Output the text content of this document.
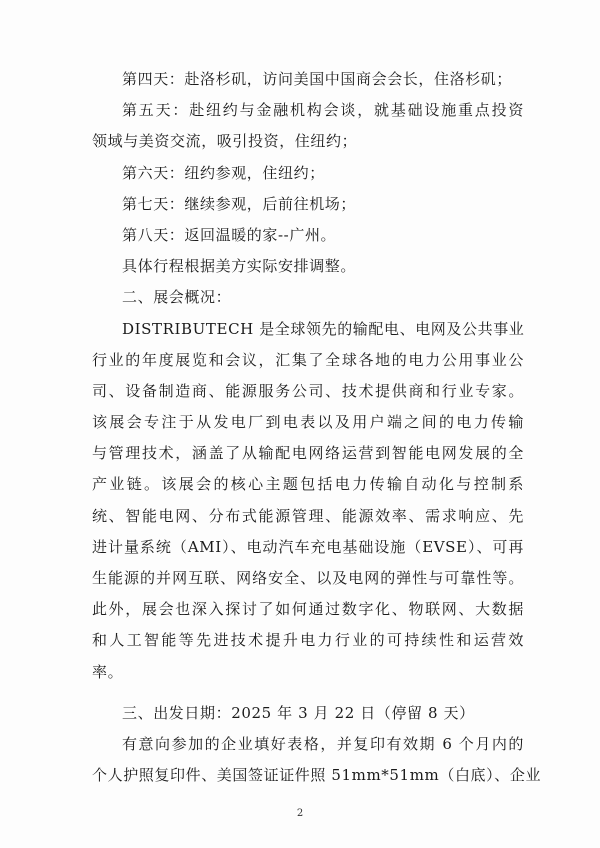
第四天：赴洛杉矶，访问美国中国商会会长，住洛杉矶；
第五天：赴纽约与金融机构会谈，就基础设施重点投资
领域与美资交流，吸引投资，住纽约；
第六天：纽约参观，住纽约；
第七天：继续参观，后前往机场；
第八天：返回温暖的家--广州。
具体行程根据美方实际安排调整。
二、展会概况：
DISTRIBUTECH 是全球领先的输配电、电网及公共事业
行业的年度展览和会议，汇集了全球各地的电力公用事业公
司、设备制造商、能源服务公司、技术提供商和行业专家。
该展会专注于从发电厂到电表以及用户端之间的电力传输
与管理技术，涵盖了从输配电网络运营到智能电网发展的全
产业链。该展会的核心主题包括电力传输自动化与控制系
统、智能电网、分布式能源管理、能源效率、需求响应、先
进计量系统（AMI）、电动汽车充电基础设施（EVSE）、可再
生能源的并网互联、网络安全、以及电网的弹性与可靠性等。
此外，展会也深入探讨了如何通过数字化、物联网、大数据
和人工智能等先进技术提升电力行业的可持续性和运营效
率。
三、出发日期：2025 年 3 月 22 日（停留 8 天）
有意向参加的企业填好表格，并复印有效期 6 个月内的
个人护照复印件、美国签证证件照 51mm*51mm（白底）、企业
2
